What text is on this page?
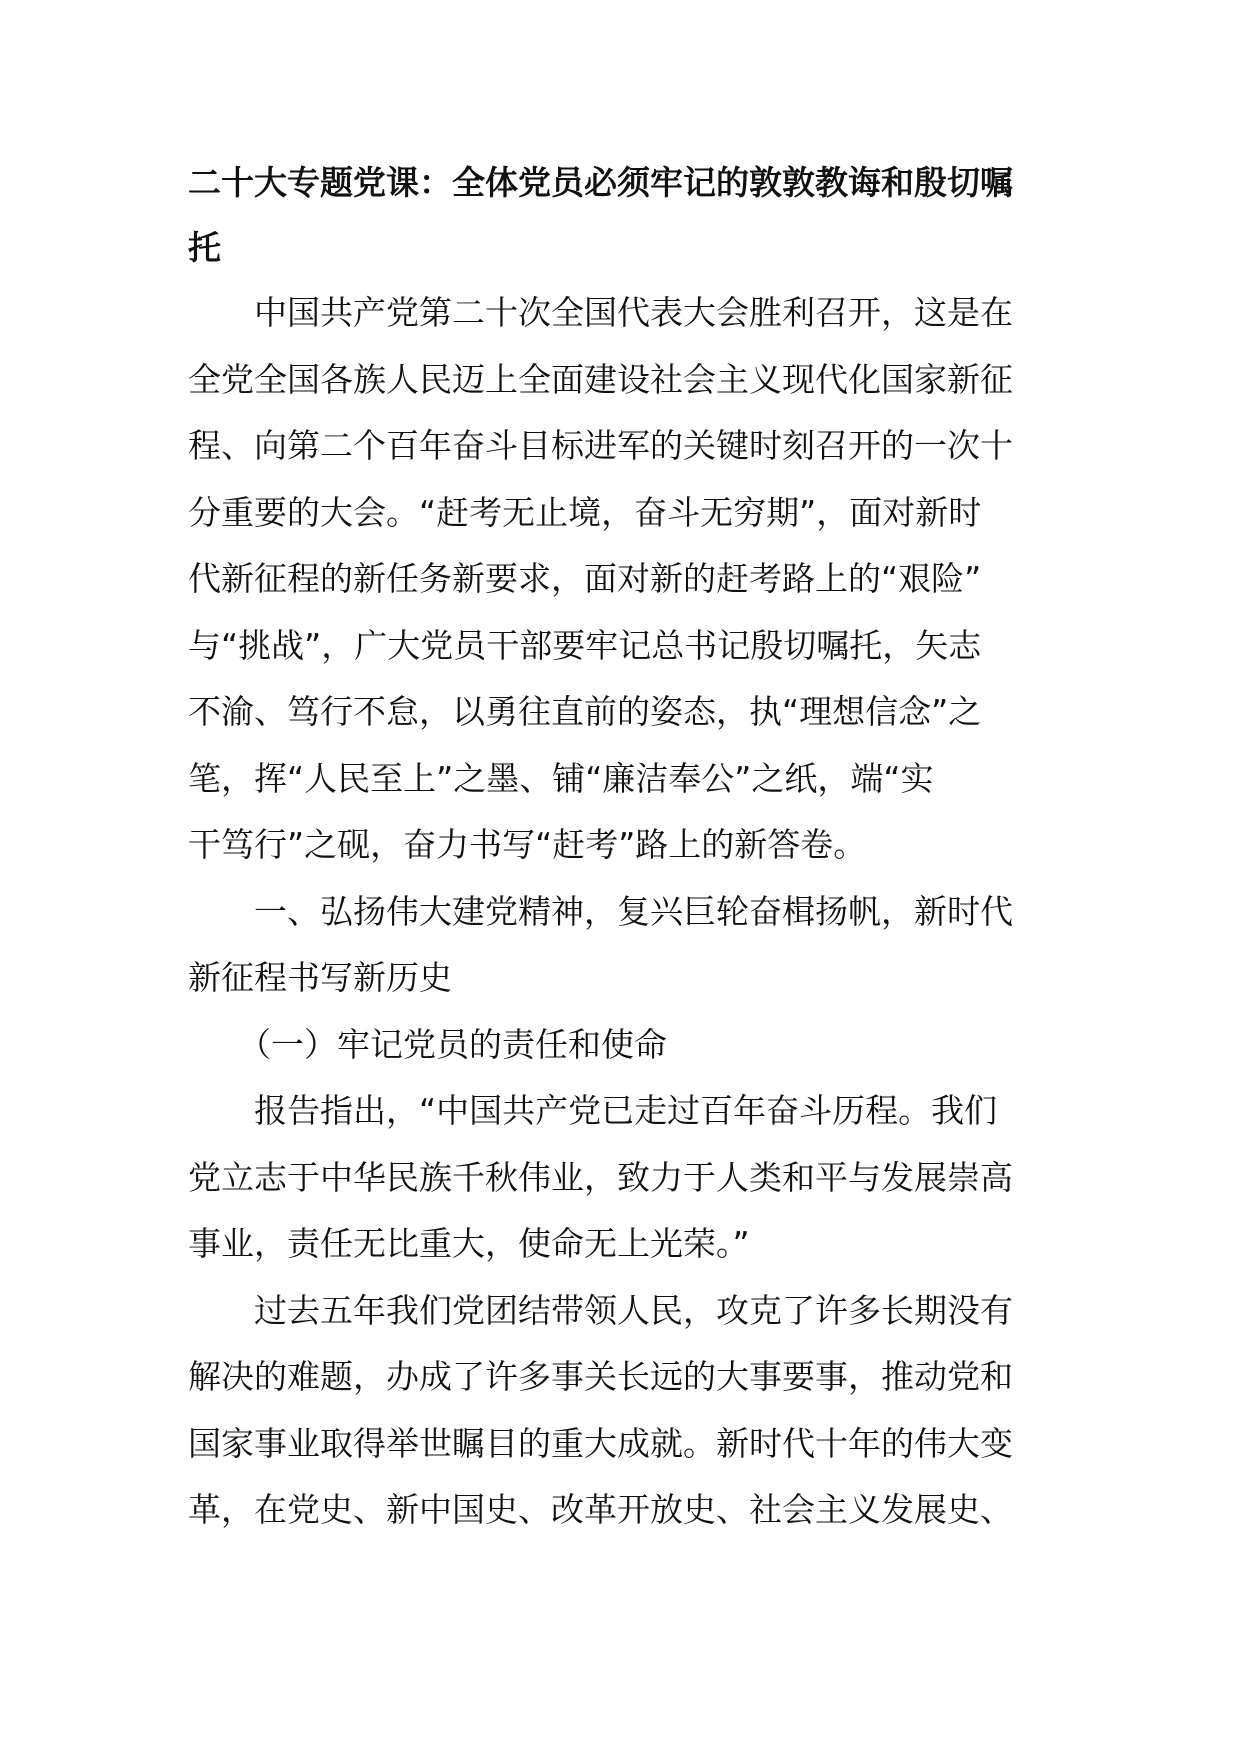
二十大专题党课：全体党员必须牢记的敦敦教诲和殷切嘱
托

中国共产党第二十次全国代表大会胜利召开，这是在
全党全国各族人民迈上全面建设社会主义现代化国家新征
程、向第二个百年奋斗目标进军的关键时刻召开的一次十
分重要的大会。“赶考无止境，奋斗无穷期”，面对新时
代新征程的新任务新要求，面对新的赶考路上的“艰险”
与“挑战”，广大党员干部要牢记总书记殷切嘱托，矢志
不渝、笃行不怠，以勇往直前的姿态，执“理想信念”之
笔，挥“人民至上”之墨、铺“廉洁奉公”之纸，端“实
干笃行”之砚，奋力书写“赶考”路上的新答卷。

一、弘扬伟大建党精神，复兴巨轮奋楫扬帆，新时代
新征程书写新历史

（一）牢记党员的责任和使命

报告指出，“中国共产党已走过百年奋斗历程。我们
党立志于中华民族千秋伟业，致力于人类和平与发展崇高
事业，责任无比重大，使命无上光荣。”

过去五年我们党团结带领人民，攻克了许多长期没有
解决的难题，办成了许多事关长远的大事要事，推动党和
国家事业取得举世瞩目的重大成就。新时代十年的伟大变
革，在党史、新中国史、改革开放史、社会主义发展史、
